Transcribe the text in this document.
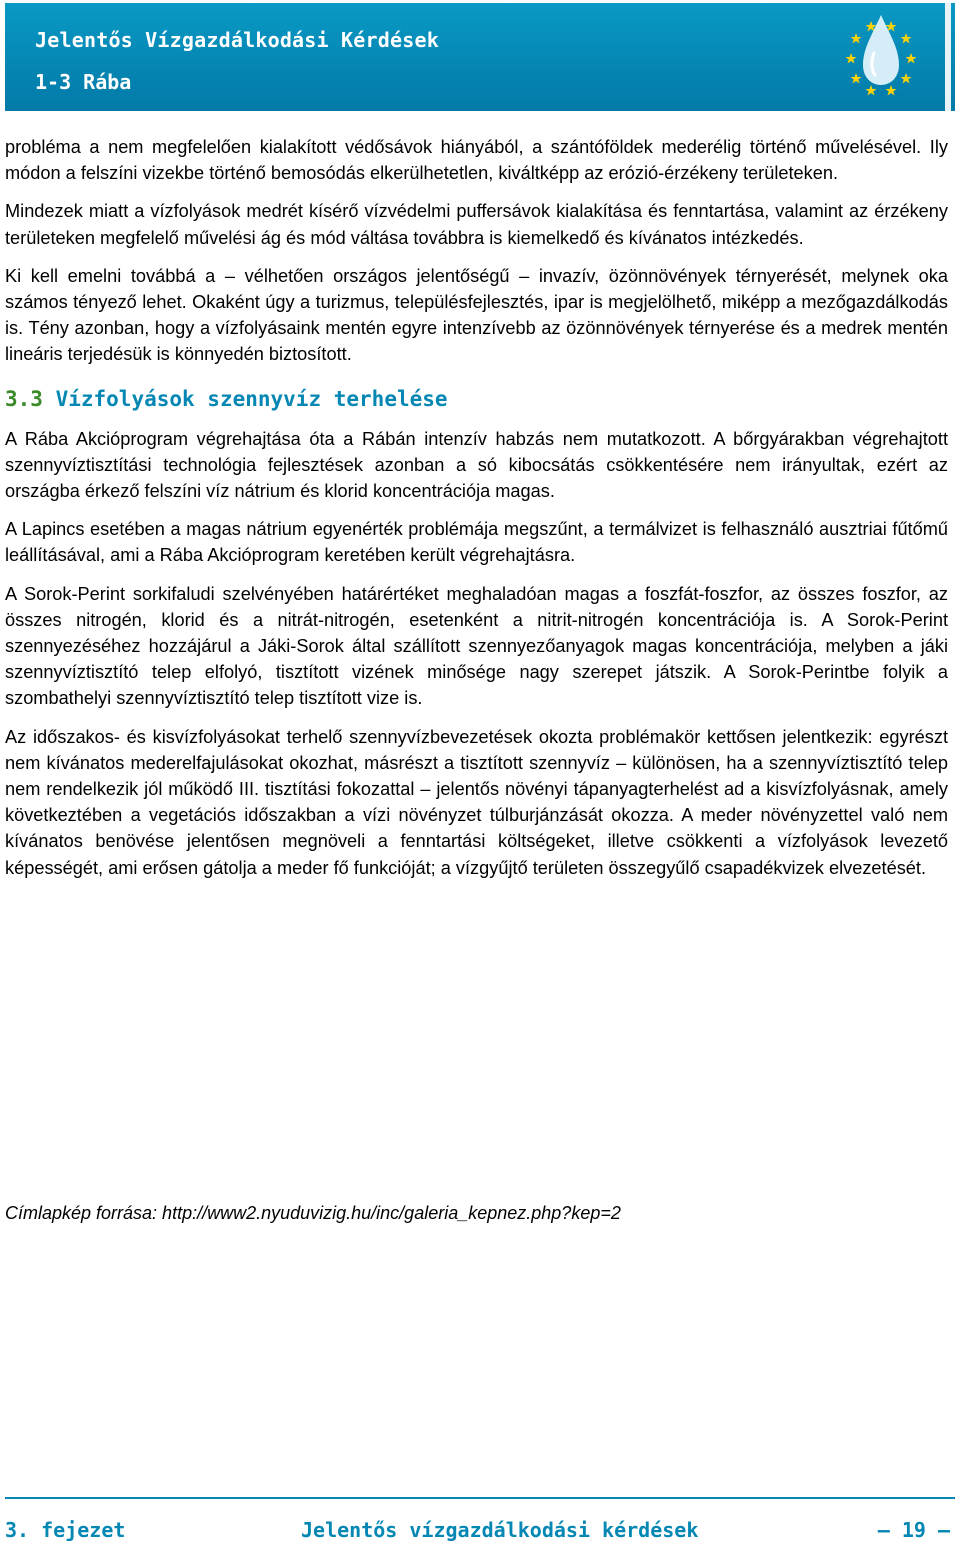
Jelentős Vízgazdálkodási Kérdések
1-3 Rába

probléma a nem megfelelően kialakított védősávok hiányából, a szántóföldek mederélig történő művelésével. Ily módon a felszíni vizekbe történő bemosódás elkerülhetetlen, kiváltképp az erózió-érzékeny területeken.

Mindezek miatt a vízfolyások medrét kísérő vízvédelmi puffersávok kialakítása és fenntartása, valamint az érzékeny területeken megfelelő művelési ág és mód váltása továbbra is kiemelkedő és kívánatos intézkedés.

Ki kell emelni továbbá a – vélhetően országos jelentőségű – invazív, özönnövények térnyerését, melynek oka számos tényező lehet. Okaként úgy a turizmus, településfejlesztés, ipar is megjelölhető, miképp a mezőgazdálkodás is. Tény azonban, hogy a vízfolyásaink mentén egyre intenzívebb az özönnövények térnyerése és a medrek mentén lineáris terjedésük is könnyedén biztosított.

3.3 Vízfolyások szennyvíz terhelése

A Rába Akcióprogram végrehajtása óta a Rábán intenzív habzás nem mutatkozott. A bőrgyárakban végrehajtott szennyvíztisztítási technológia fejlesztések azonban a só kibocsátás csökkentésére nem irányultak, ezért az országba érkező felszíni víz nátrium és klorid koncentrációja magas.

A Lapincs esetében a magas nátrium egyenérték problémája megszűnt, a termálvizet is felhasználó ausztriai fűtőmű leállításával, ami a Rába Akcióprogram keretében került végrehajtásra.

A Sorok-Perint sorkifaludi szelvényében határértéket meghaladóan magas a foszfát-foszfor, az összes foszfor, az összes nitrogén, klorid és a nitrát-nitrogén, esetenként a nitrit-nitrogén koncentrációja is. A Sorok-Perint szennyezéséhez hozzájárul a Jáki-Sorok által szállított szennyezőanyagok magas koncentrációja, melyben a jáki szennyvíztisztító telep elfolyó, tisztított vizének minősége nagy szerepet játszik. A Sorok-Perintbe folyik a szombathelyi szennyvíztisztító telep tisztított vize is.

Az időszakos- és kisvízfolyásokat terhelő szennyvízbevezetések okozta problémakör kettősen jelentkezik: egyrészt nem kívánatos mederelfajulásokat okozhat, másrészt a tisztított szennyvíz – különösen, ha a szennyvíztisztító telep nem rendelkezik jól működő III. tisztítási fokozattal – jelentős növényi tápanyagterhelést ad a kisvízfolyásnak, amely következtében a vegetációs időszakban a vízi növényzet túlburjánzását okozza. A meder növényzettel való nem kívánatos benövése jelentősen megnöveli a fenntartási költségeket, illetve csökkenti a vízfolyások levezető képességét, ami erősen gátolja a meder fő funkcióját; a vízgyűjtő területen összegyűlő csapadékvizek elvezetését.

Címlapkép forrása: http://www2.nyuduvizig.hu/inc/galeria_kepnez.php?kep=2
3. fejezet	Jelentős vízgazdálkodási kérdések	– 19 –
